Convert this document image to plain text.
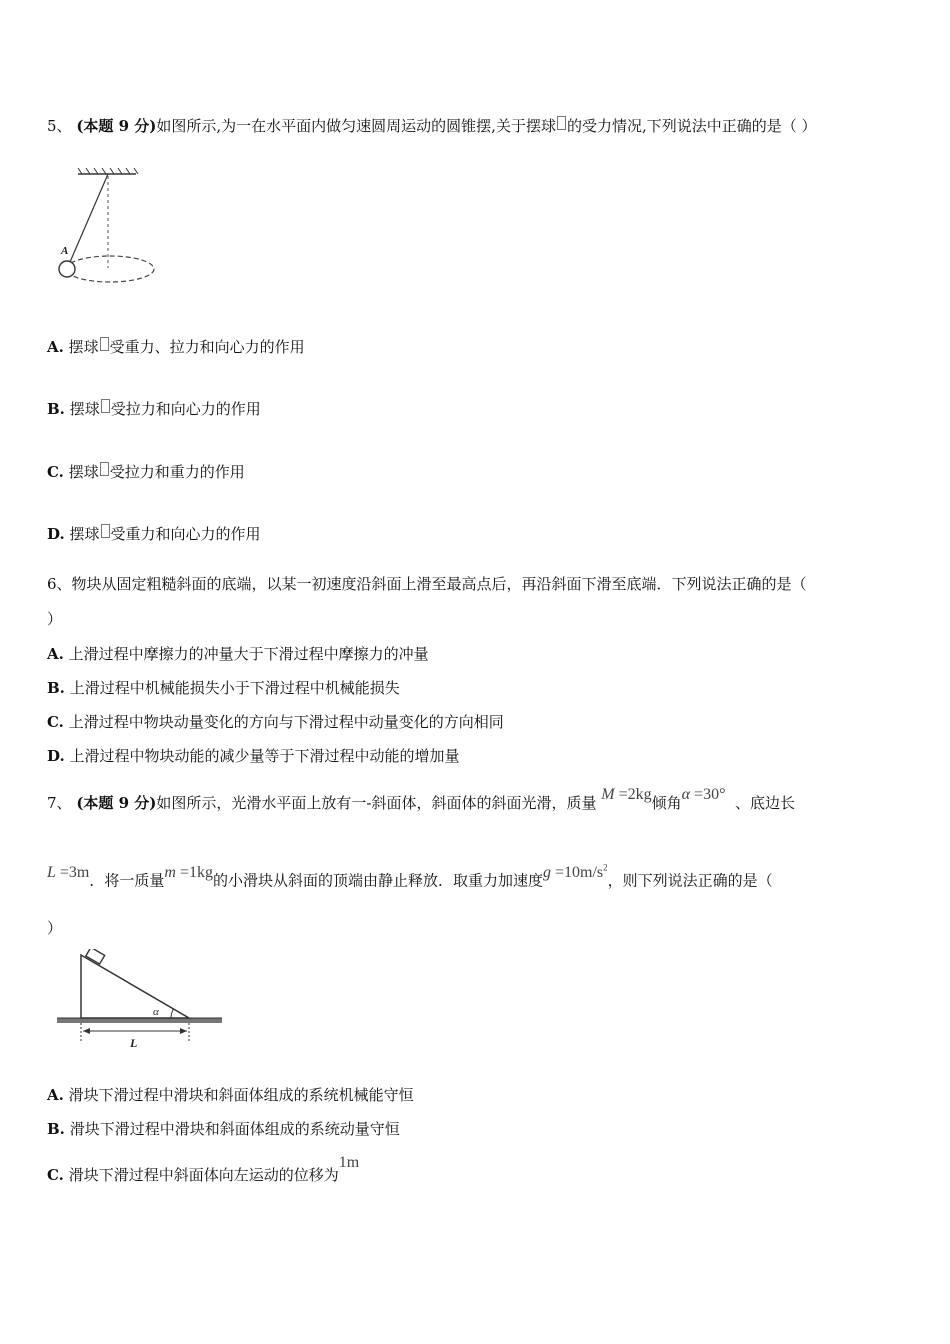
5、 (本题 9 分)如图所示,为一在水平面内做匀速圆周运动的圆锥摆,关于摆球 的受力情况,下列说法中正确的是（ ）
A
A. 摆球 受重力、拉力和向心力的作用
B. 摆球 受拉力和向心力的作用
C. 摆球 受拉力和重力的作用
D. 摆球 受重力和向心力的作用
6、物块从固定粗糙斜面的底端，以某一初速度沿斜面上滑至最高点后，再沿斜面下滑至底端．下列说法正确的是（
）
A. 上滑过程中摩擦力的冲量大于下滑过程中摩擦力的冲量
B. 上滑过程中机械能损失小于下滑过程中机械能损失
C. 上滑过程中物块动量变化的方向与下滑过程中动量变化的方向相同
D. 上滑过程中物块动能的减少量等于下滑过程中动能的增加量
7、 (本题 9 分)如图所示，光滑水平面上放有一-斜面体，斜面体的斜面光滑，质量 M =2kg倾角α =30° 、底边长
L =3m．将一质量m =1kg的小滑块从斜面的顶端由静止释放．取重力加速度$g =10m/s^2$，则下列说法正确的是（
）
α
L
A. 滑块下滑过程中滑块和斜面体组成的系统机械能守恒
B. 滑块下滑过程中滑块和斜面体组成的系统动量守恒
C. 滑块下滑过程中斜面体向左运动的位移为1m
